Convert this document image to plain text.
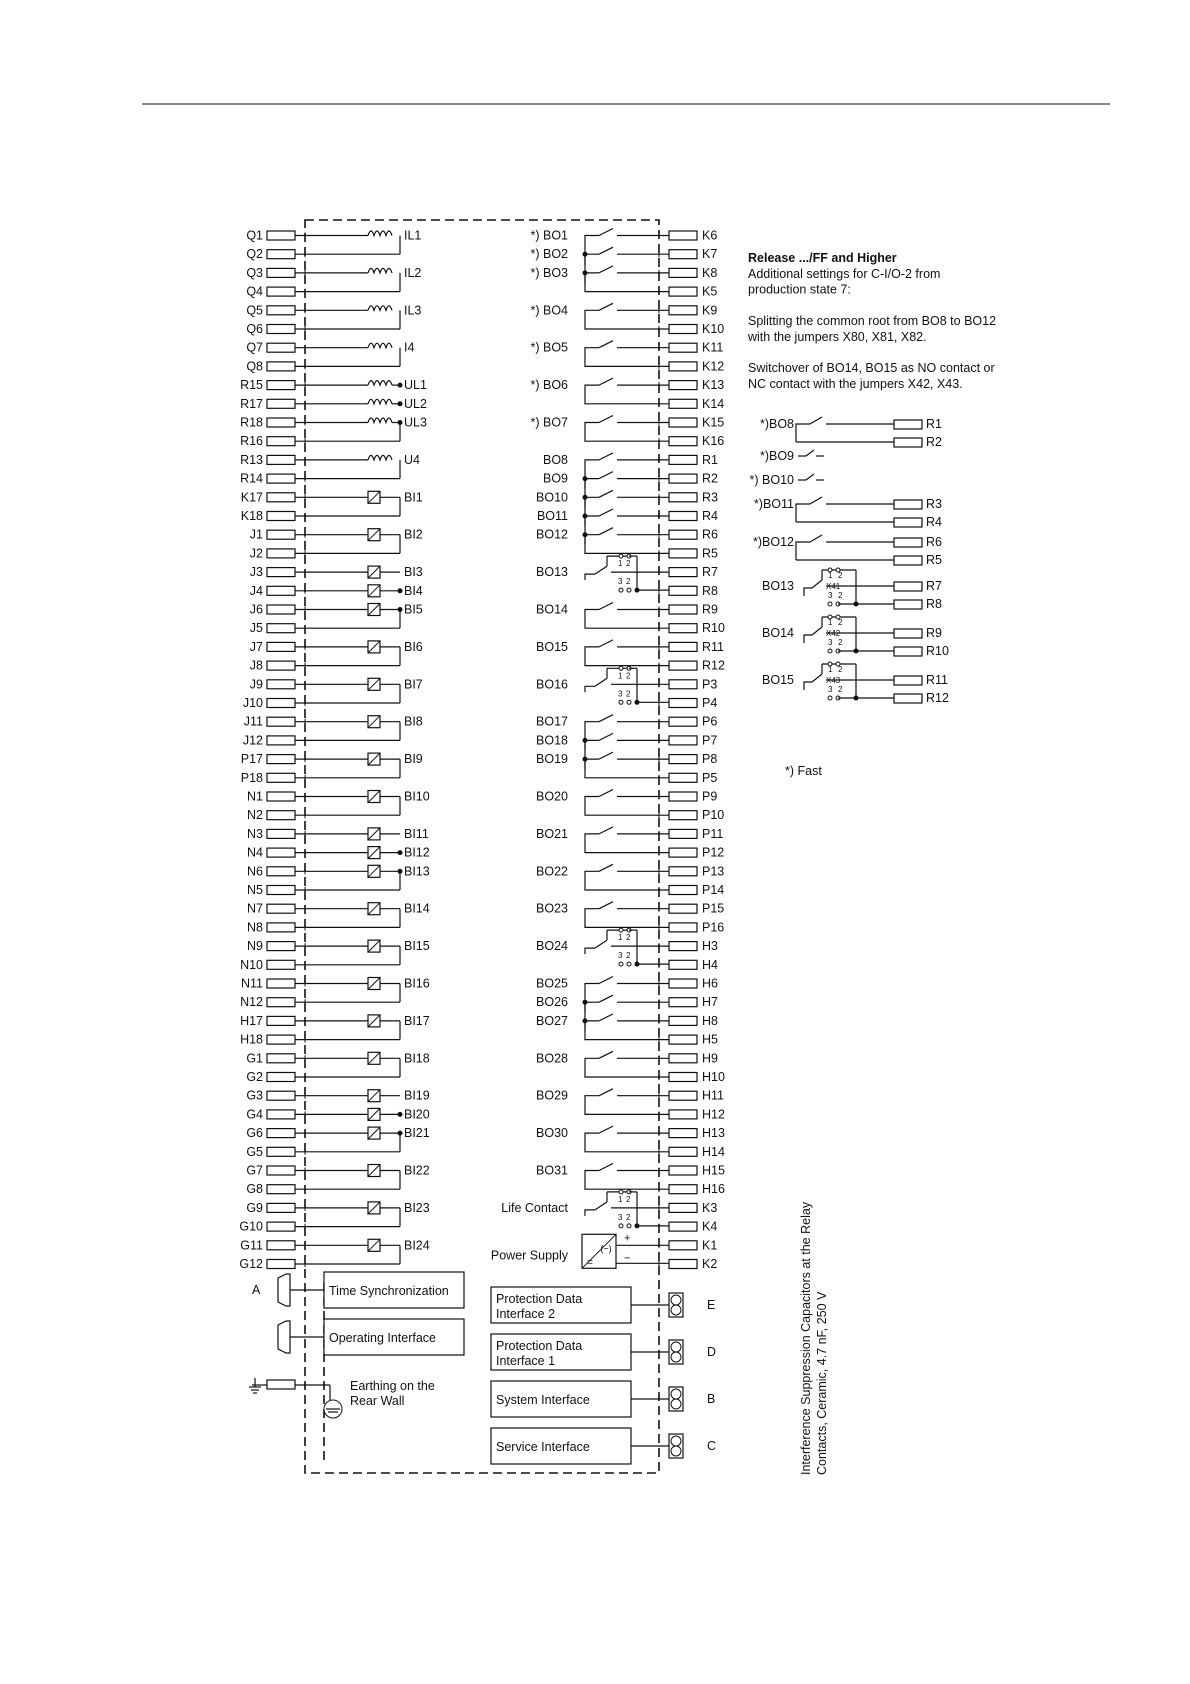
Q1	IL1
Q2
Q3	IL2
Q4
Q5	IL3
Q6
Q7	I4
Q8
R15	UL1
R17	UL2
R18	UL3
R16
R13	U4
R14
K17	BI1
K18
J1	BI2
J2
J3	BI3
J4	BI4
J6	BI5
J5
J7	BI6
J8
J9	BI7
J10
J11	BI8
J12
P17	BI9
P18
N1	BI10
N2
N3	BI11
N4	BI12
N6	BI13
N5
N7	BI14
N8
N9	BI15
N10
N11	BI16
N12
H17	BI17
H18
G1	BI18
G2
G3	BI19
G4	BI20
G6	BI21
G5
G7	BI22
G8
G9	BI23
G10
G11	BI24
G12
K6
*) BO1
K7
*) BO2
K8
*) BO3
K5
K9
*) BO4
K10
K11
*) BO5
K12
K13
*) BO6
K14
K15
*) BO7
K16
R1
BO8
R2
BO9
R3
BO10
R4
BO11
R6
BO12
R5
R7
BO13
1 2
3 2
R8
R9
BO14
R10
R11
BO15
R12
P3
BO16
1 2
3 2
P4
P6
BO17
P7
BO18
P8
BO19
P5
P9
BO20
P10
P11
BO21
P12
P13
BO22
P14
P15
BO23
P16
H3
BO24
1 2
3 2
H4
H6
BO25
H7
BO26
H8
BO27
H5
H9
BO28
H10
H11
BO29
H12
H13
BO30
H14
H15
BO31
H16
K3
Life Contact
1 2
3 2
K4
K1
Power Supply	(~)
=
+
−	K2
Time Synchronization
A
Operating Interface
Earthing on the
Rear Wall
Protection Data
Interface 2
E
Protection Data
Interface 1
D
System Interface	B
Service Interface	C
Release .../FF and Higher
Additional settings for C-I/O-2 from
production state 7:
Splitting the common root from BO8 to BO12
with the jumpers X80, X81, X82.
Switchover of BO14, BO15 as NO contact or
NC contact with the jumpers X42, X43.
*)BO8	R1
R2
*)BO9
*) BO10
*)BO11	R3
R4
*)BO12	R6
R5
BO13
1 2
X41
3 2
R7
R8
BO14
1 2
X42
3 2
R9
R10
BO15
1 2
X43
3 2
R11
R12
*) Fast
Interference Suppression Capacitors at the Relay Contacts, Ceramic, 4.7 nF, 250 V
